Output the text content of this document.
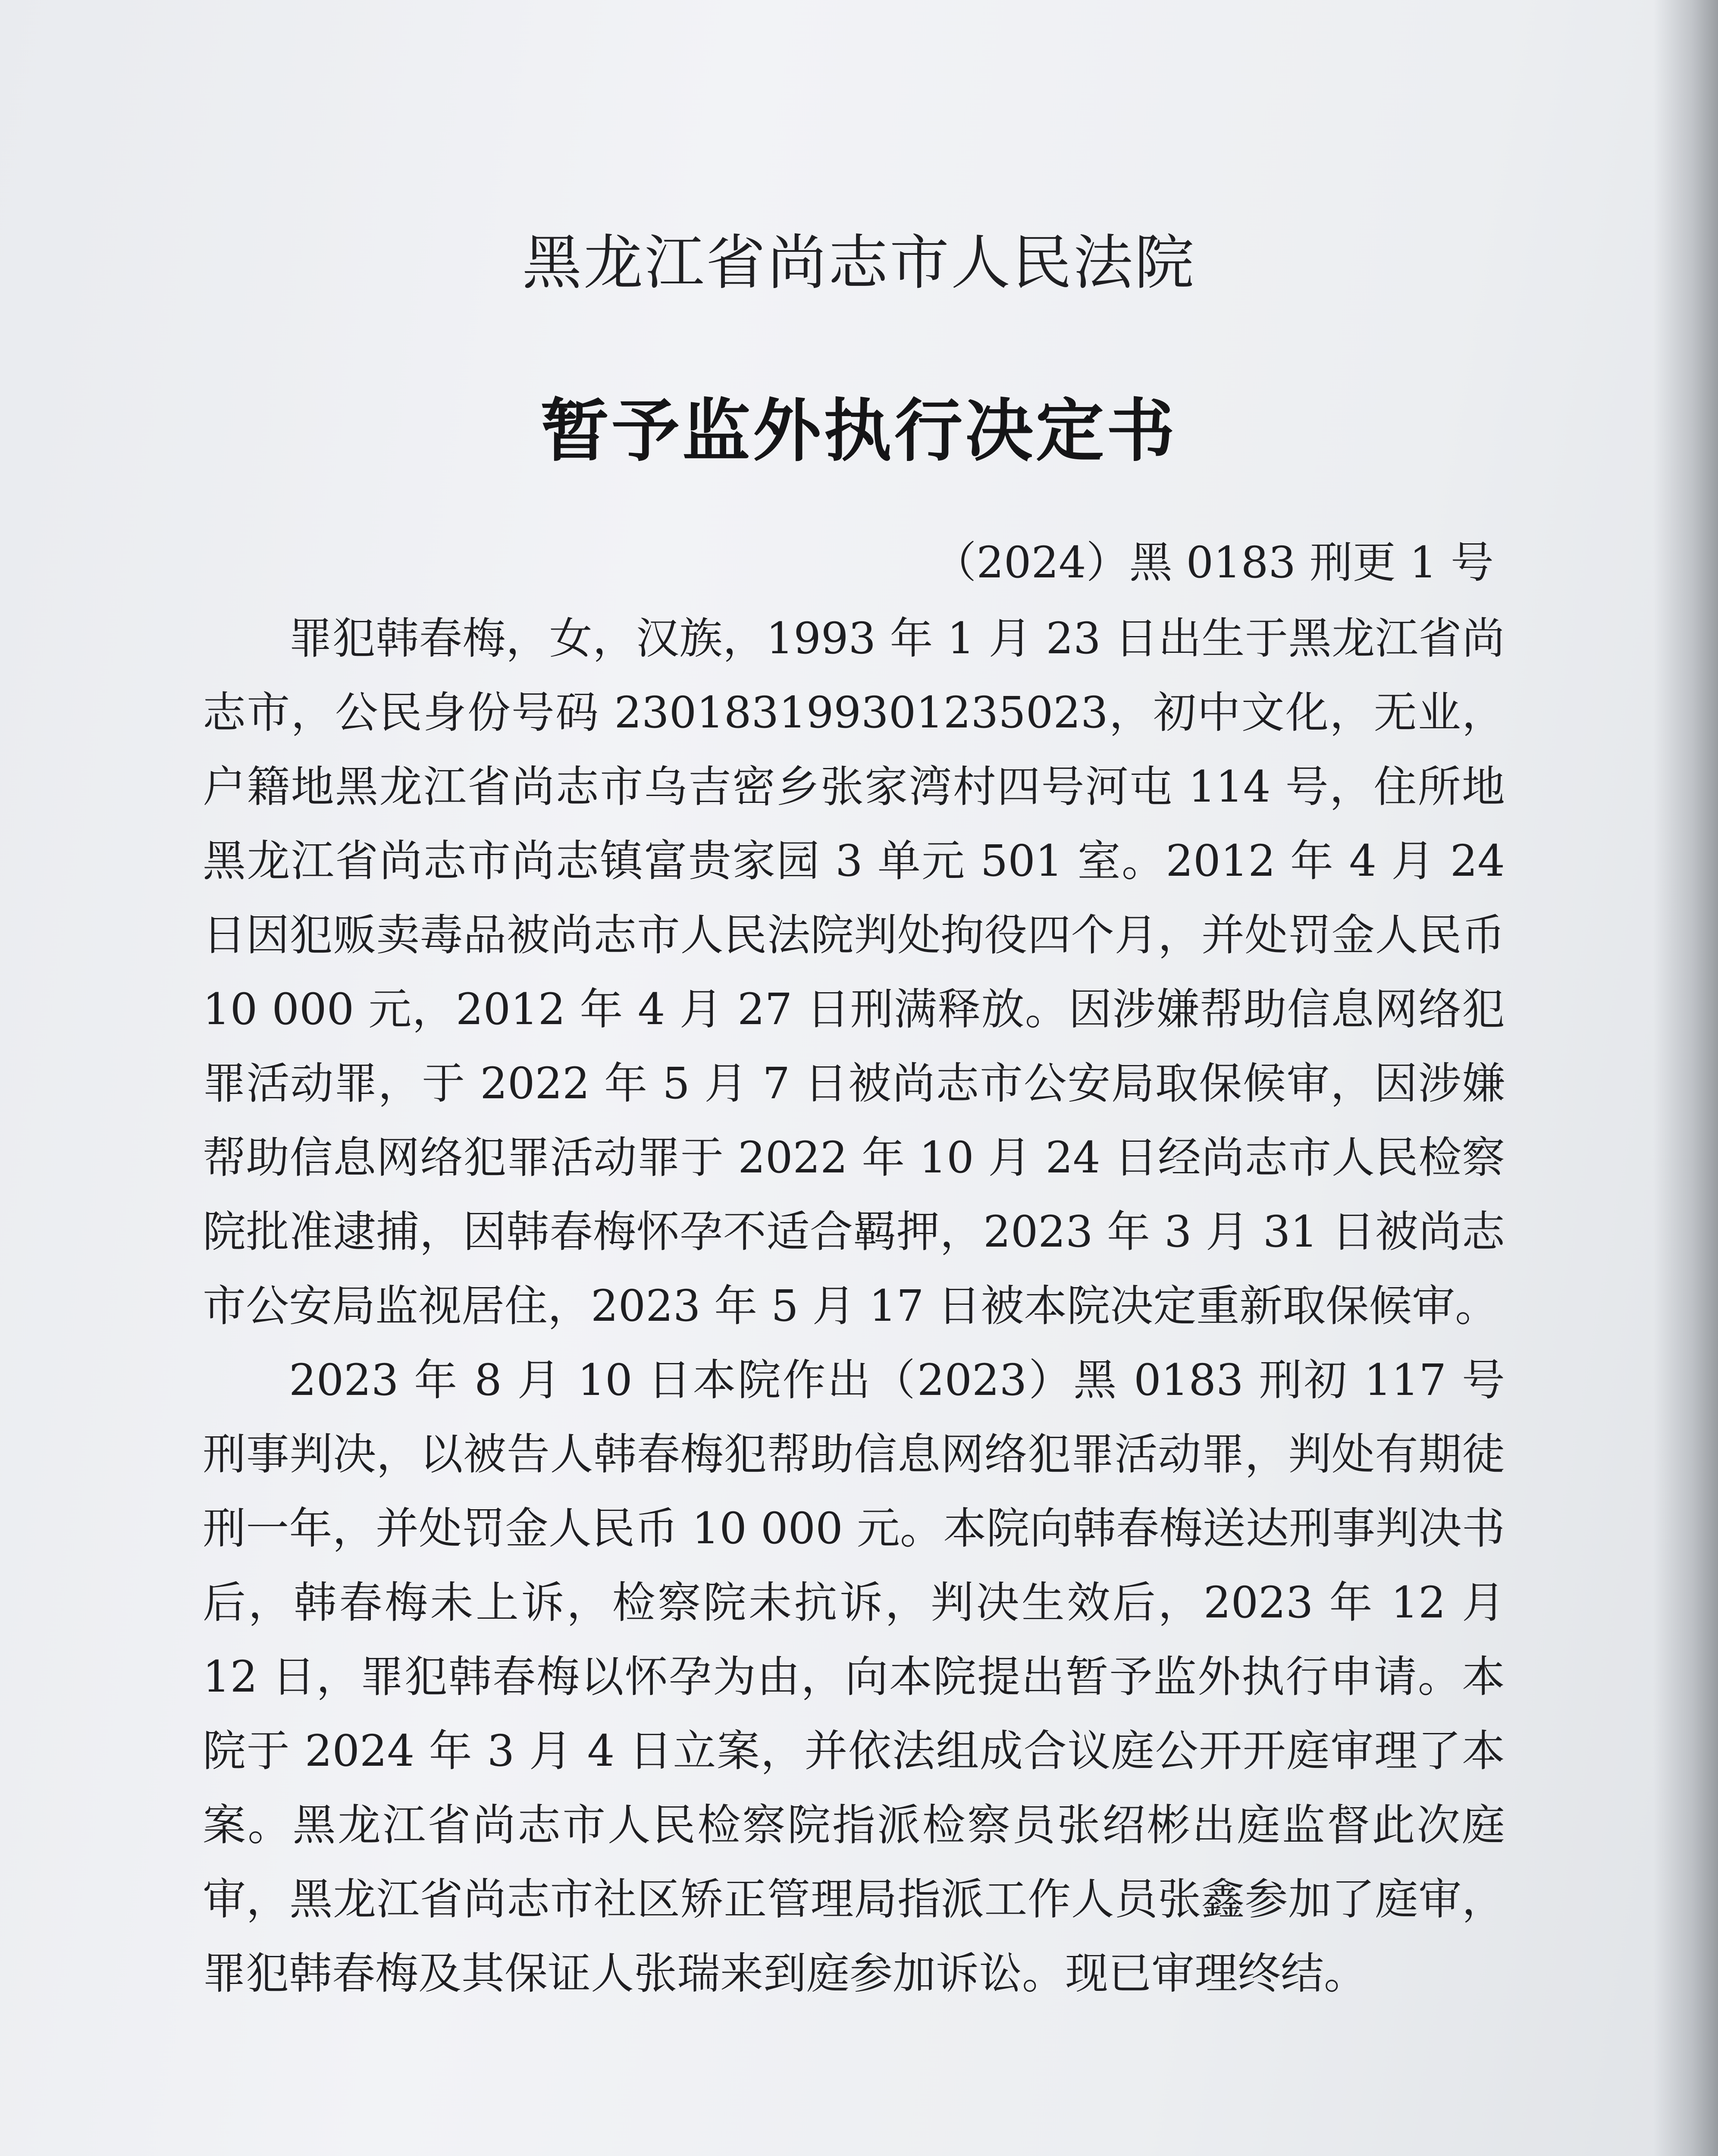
黑龙江省尚志市人民法院
暂予监外执行决定书
（2024）黑 0183 刑更 1 号

罪犯韩春梅，女，汉族，1993 年 1 月 23 日出生于黑龙江省尚志市，公民身份号码 230183199301235023，初中文化，无业，户籍地黑龙江省尚志市乌吉密乡张家湾村四号河屯 114 号，住所地黑龙江省尚志市尚志镇富贵家园 3 单元 501 室。2012 年 4 月 24 日因犯贩卖毒品被尚志市人民法院判处拘役四个月，并处罚金人民币 10 000 元，2012 年 4 月 27 日刑满释放。因涉嫌帮助信息网络犯罪活动罪，于 2022 年 5 月 7 日被尚志市公安局取保候审，因涉嫌帮助信息网络犯罪活动罪于 2022 年 10 月 24 日经尚志市人民检察院批准逮捕，因韩春梅怀孕不适合羁押，2023 年 3 月 31 日被尚志市公安局监视居住，2023 年 5 月 17 日被本院决定重新取保候审。

2023 年 8 月 10 日本院作出（2023）黑 0183 刑初 117 号刑事判决，以被告人韩春梅犯帮助信息网络犯罪活动罪，判处有期徒刑一年，并处罚金人民币 10 000 元。本院向韩春梅送达刑事判决书后，韩春梅未上诉，检察院未抗诉，判决生效后，2023 年 12 月 12 日，罪犯韩春梅以怀孕为由，向本院提出暂予监外执行申请。本院于 2024 年 3 月 4 日立案，并依法组成合议庭公开开庭审理了本案。黑龙江省尚志市人民检察院指派检察员张绍彬出庭监督此次庭审，黑龙江省尚志市社区矫正管理局指派工作人员张鑫参加了庭审，罪犯韩春梅及其保证人张瑞来到庭参加诉讼。现已审理终结。
